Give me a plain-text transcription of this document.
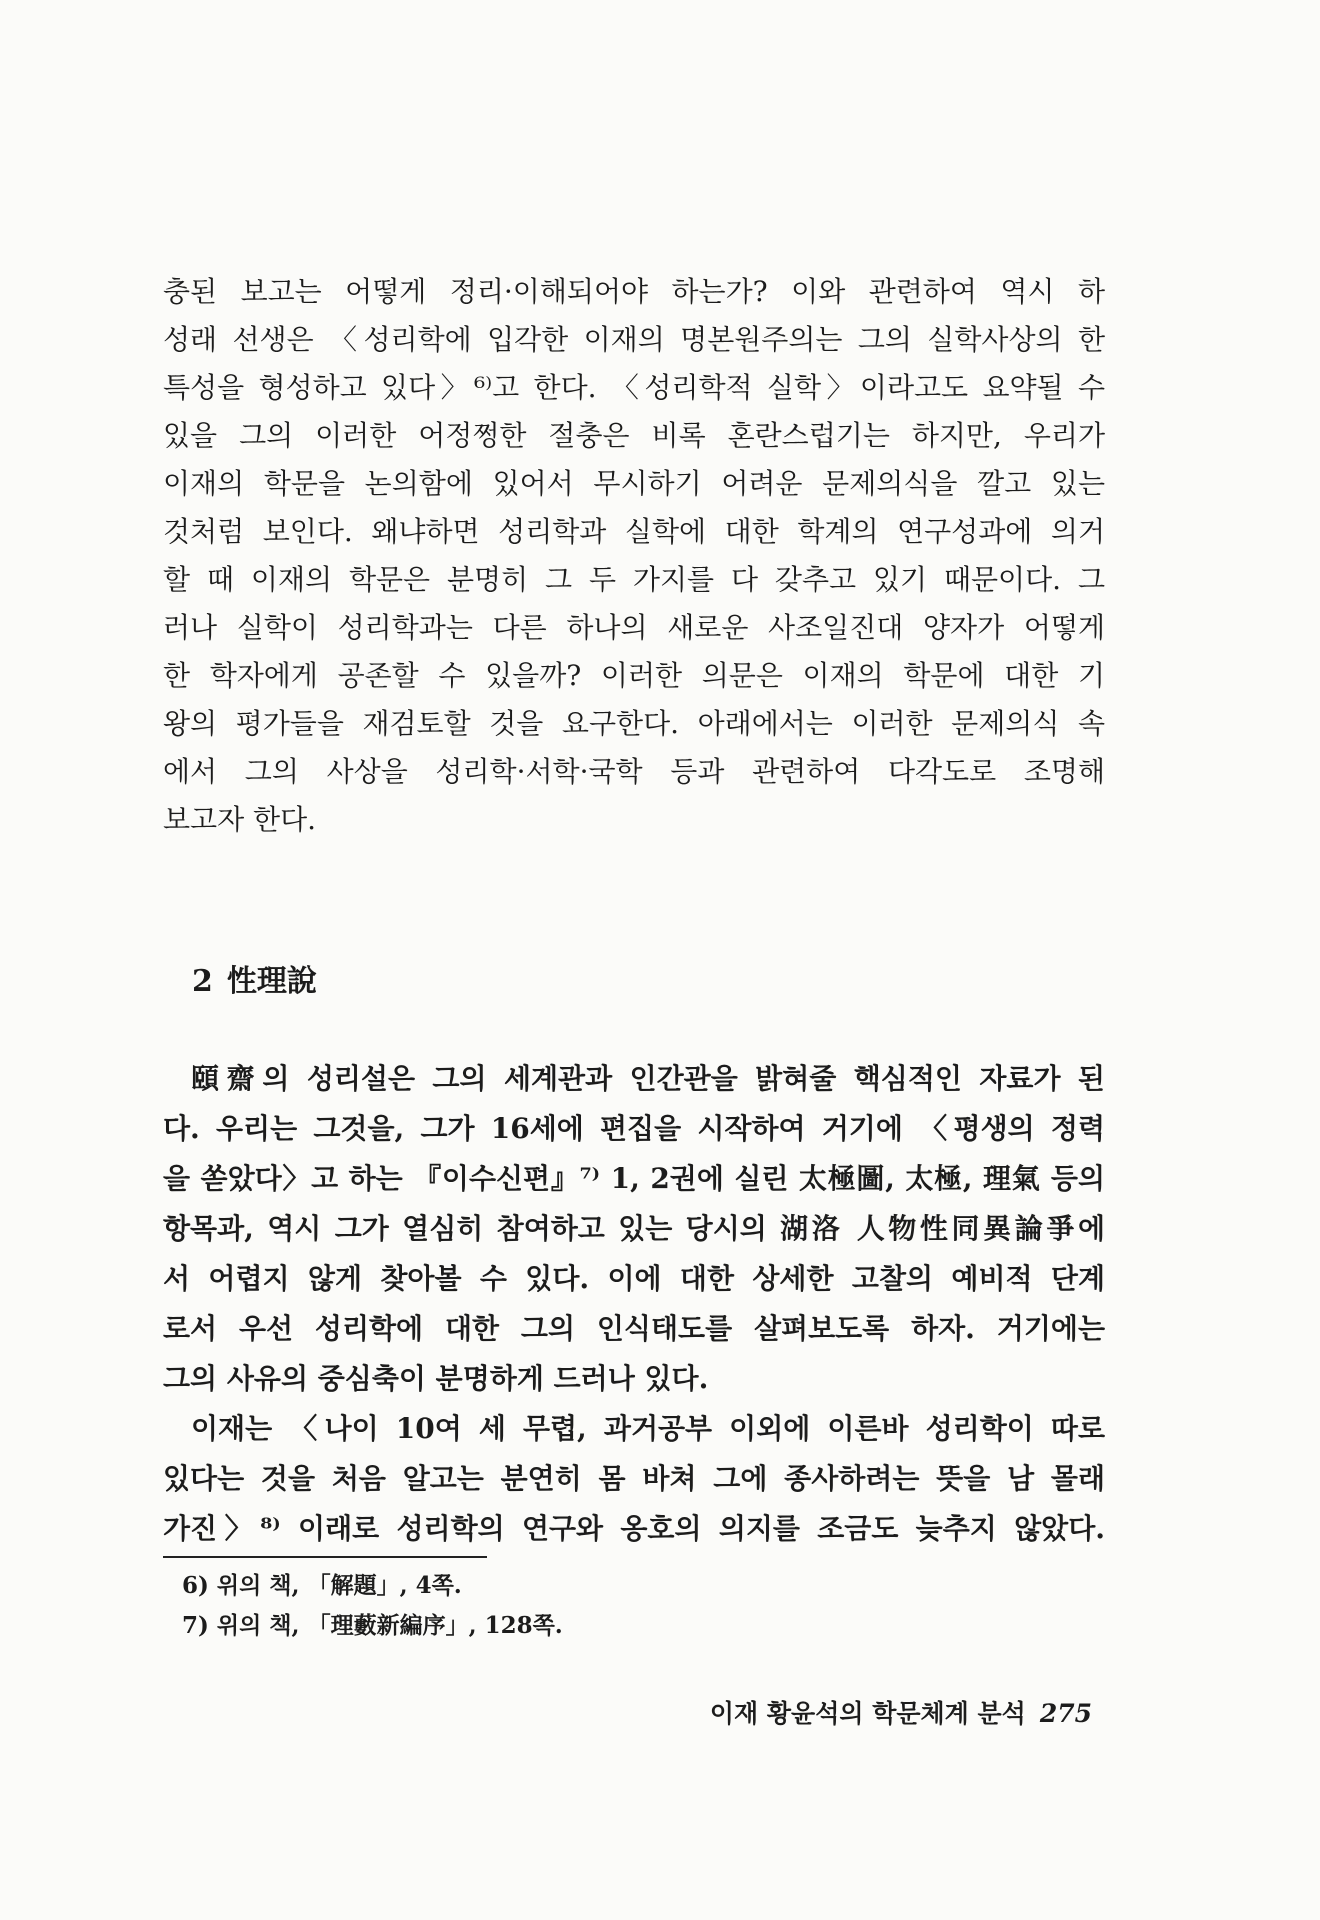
충된 보고는 어떻게 정리·이해되어야 하는가? 이와 관련하여 역시 하

성래 선생은 〈성리학에 입각한 이재의 명본원주의는 그의 실학사상의 한

특성을 형성하고 있다〉⁶⁾고 한다. 〈성리학적 실학〉이라고도 요약될 수

있을 그의 이러한 어정쩡한 절충은 비록 혼란스럽기는 하지만, 우리가

이재의 학문을 논의함에 있어서 무시하기 어려운 문제의식을 깔고 있는

것처럼 보인다. 왜냐하면 성리학과 실학에 대한 학계의 연구성과에 의거

할 때 이재의 학문은 분명히 그 두 가지를 다 갖추고 있기 때문이다. 그

러나 실학이 성리학과는 다른 하나의 새로운 사조일진대 양자가 어떻게

한 학자에게 공존할 수 있을까? 이러한 의문은 이재의 학문에 대한 기

왕의 평가들을 재검토할 것을 요구한다. 아래에서는 이러한 문제의식 속

에서 그의 사상을 성리학·서학·국학 등과 관련하여 다각도로 조명해

보고자 한다.

2 性理說

頤齋의 성리설은 그의 세계관과 인간관을 밝혀줄 핵심적인 자료가 된

다. 우리는 그것을, 그가 16세에 편집을 시작하여 거기에 〈평생의 정력

을 쏟았다〉고 하는 『이수신편』⁷⁾ 1, 2권에 실린 太極圖, 太極, 理氣 등의

항목과, 역시 그가 열심히 참여하고 있는 당시의 湖洛 人物性同異論爭에

서 어렵지 않게 찾아볼 수 있다. 이에 대한 상세한 고찰의 예비적 단계

로서 우선 성리학에 대한 그의 인식태도를 살펴보도록 하자. 거기에는

그의 사유의 중심축이 분명하게 드러나 있다.

이재는 〈나이 10여 세 무렵, 과거공부 이외에 이른바 성리학이 따로

있다는 것을 처음 알고는 분연히 몸 바쳐 그에 종사하려는 뜻을 남 몰래

가진〉⁸⁾ 이래로 성리학의 연구와 옹호의 의지를 조금도 늦추지 않았다.

6) 위의 책, 「解題」, 4쪽.

7) 위의 책, 「理藪新編序」, 128쪽.

이재 황윤석의 학문체계 분석 275
